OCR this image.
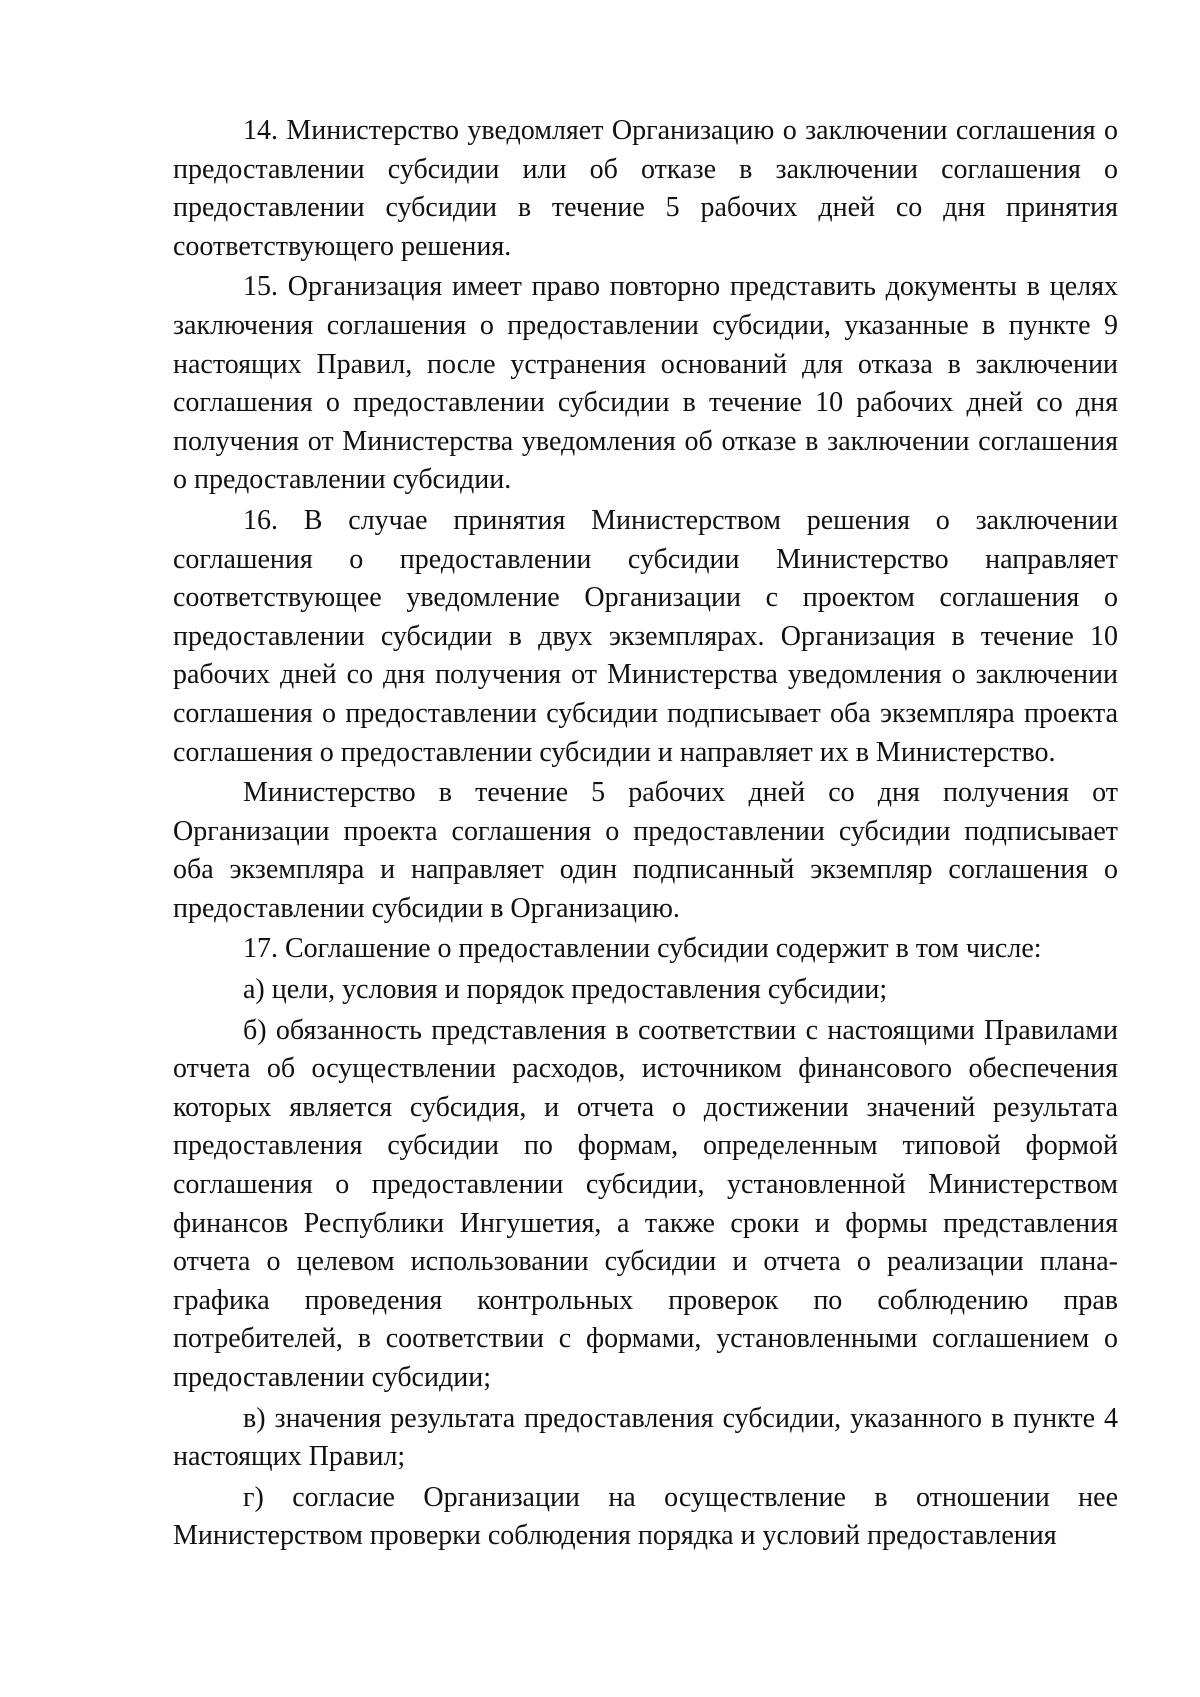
14. Министерство уведомляет Организацию о заключении соглашения о предоставлении субсидии или об отказе в заключении соглашения о предоставлении субсидии в течение 5 рабочих дней со дня принятия соответствующего решения.

15. Организация имеет право повторно представить документы в целях заключения соглашения о предоставлении субсидии, указанные в пункте 9 настоящих Правил, после устранения оснований для отказа в заключении соглашения о предоставлении субсидии в течение 10 рабочих дней со дня получения от Министерства уведомления об отказе в заключении соглашения о предоставлении субсидии.

16. В случае принятия Министерством решения о заключении соглашения о предоставлении субсидии Министерство направляет соответствующее уведомление Организации с проектом соглашения о предоставлении субсидии в двух экземплярах. Организация в течение 10 рабочих дней со дня получения от Министерства уведомления о заключении соглашения о предоставлении субсидии подписывает оба экземпляра проекта соглашения о предоставлении субсидии и направляет их в Министерство.

Министерство в течение 5 рабочих дней со дня получения от Организации проекта соглашения о предоставлении субсидии подписывает оба экземпляра и направляет один подписанный экземпляр соглашения о предоставлении субсидии в Организацию.

17. Соглашение о предоставлении субсидии содержит в том числе:

а) цели, условия и порядок предоставления субсидии;

б) обязанность представления в соответствии с настоящими Правилами отчета об осуществлении расходов, источником финансового обеспечения которых является субсидия, и отчета о достижении значений результата предоставления субсидии по формам, определенным типовой формой соглашения о предоставлении субсидии, установленной Министерством финансов Республики Ингушетия, а также сроки и формы представления отчета о целевом использовании субсидии и отчета о реализации плана-графика проведения контрольных проверок по соблюдению прав потребителей, в соответствии с формами, установленными соглашением о предоставлении субсидии;

в) значения результата предоставления субсидии, указанного в пункте 4 настоящих Правил;

г) согласие Организации на осуществление в отношении нее Министерством проверки соблюдения порядка и условий предоставления
